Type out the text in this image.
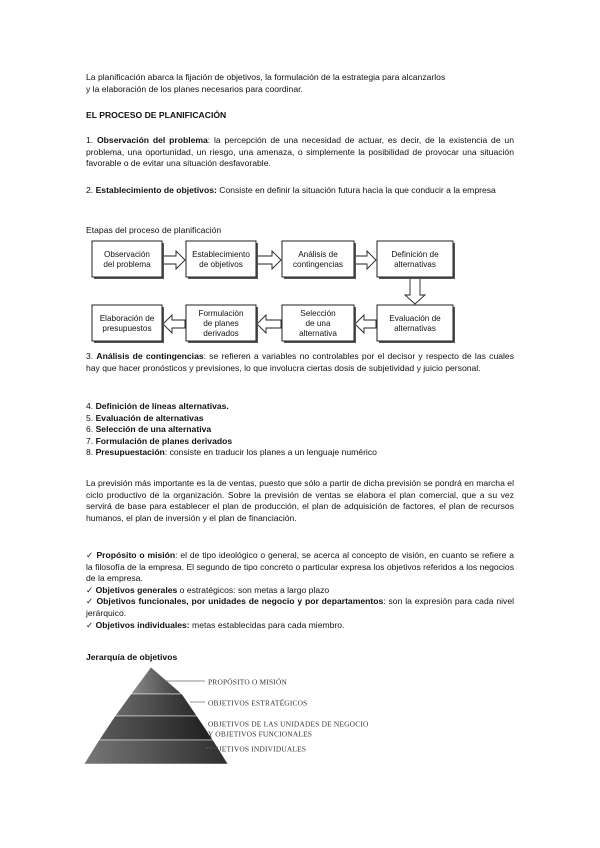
La planificación abarca la fijación de objetivos, la formulación de la estrategia para alcanzarlos
y la elaboración de los planes necesarios para coordinar.
EL PROCESO DE PLANIFICACIÓN

1. Observación del problema: la percepción de una necesidad de actuar, es decir, de la existencia de un problema, una oportunidad, un riesgo, una amenaza, o simplemente la posibilidad de provocar una situación favorable o de evitar una situación desfavorable.

2. Establecimiento de objetivos: Consiste en definir la situación futura hacia la que conducir a la empresa

Etapas del proceso de planificación
Observación
del problema
Establecimiento
de objetivos
Análisis de
contingencias
Definición de
alternativas
Evaluación de
alternativas
Selección
de una
alternativa
Formulación
de planes
derivados
Elaboración de
presupuestos

3. Análisis de contingencias: se refieren a variables no controlables por el decisor y respecto de las cuales hay que hacer pronósticos y previsiones, lo que involucra ciertas dosis de subjetividad y juicio personal.

4. Definición de líneas alternativas.
5. Evaluación de alternativas
6. Selección de una alternativa
7. Formulación de planes derivados
8. Presupuestación: consiste en traducir los planes a un lenguaje numérico

La previsión más importante es la de ventas, puesto que sólo a partir de dicha previsión se pondrá en marcha el ciclo productivo de la organización. Sobre la previsión de ventas se elabora el plan comercial, que a su vez servirá de base para establecer el plan de producción, el plan de adquisición de factores, el plan de recursos humanos, el plan de inversión y el plan de financiación.

✓ Propósito o misión: el de tipo ideológico o general, se acerca al concepto de visión, en cuanto se refiere a la filosofía de la empresa. El segundo de tipo concreto o particular expresa los objetivos referidos a los negocios de la empresa.
✓ Objetivos generales o estratégicos: son metas a largo plazo
✓ Objetivos funcionales, por unidades de negocio y por departamentos: son la expresión para cada nivel jerárquico.
✓ Objetivos individuales: metas establecidas para cada miembro.
Jerarquía de objetivos
PROPÓSITO O MISIÓN
OBJETIVOS ESTRATÉGICOS
OBJETIVOS DE LAS UNIDADES DE NEGOCIO
Y OBJETIVOS FUNCIONALES
OBJETIVOS INDIVIDUALES
